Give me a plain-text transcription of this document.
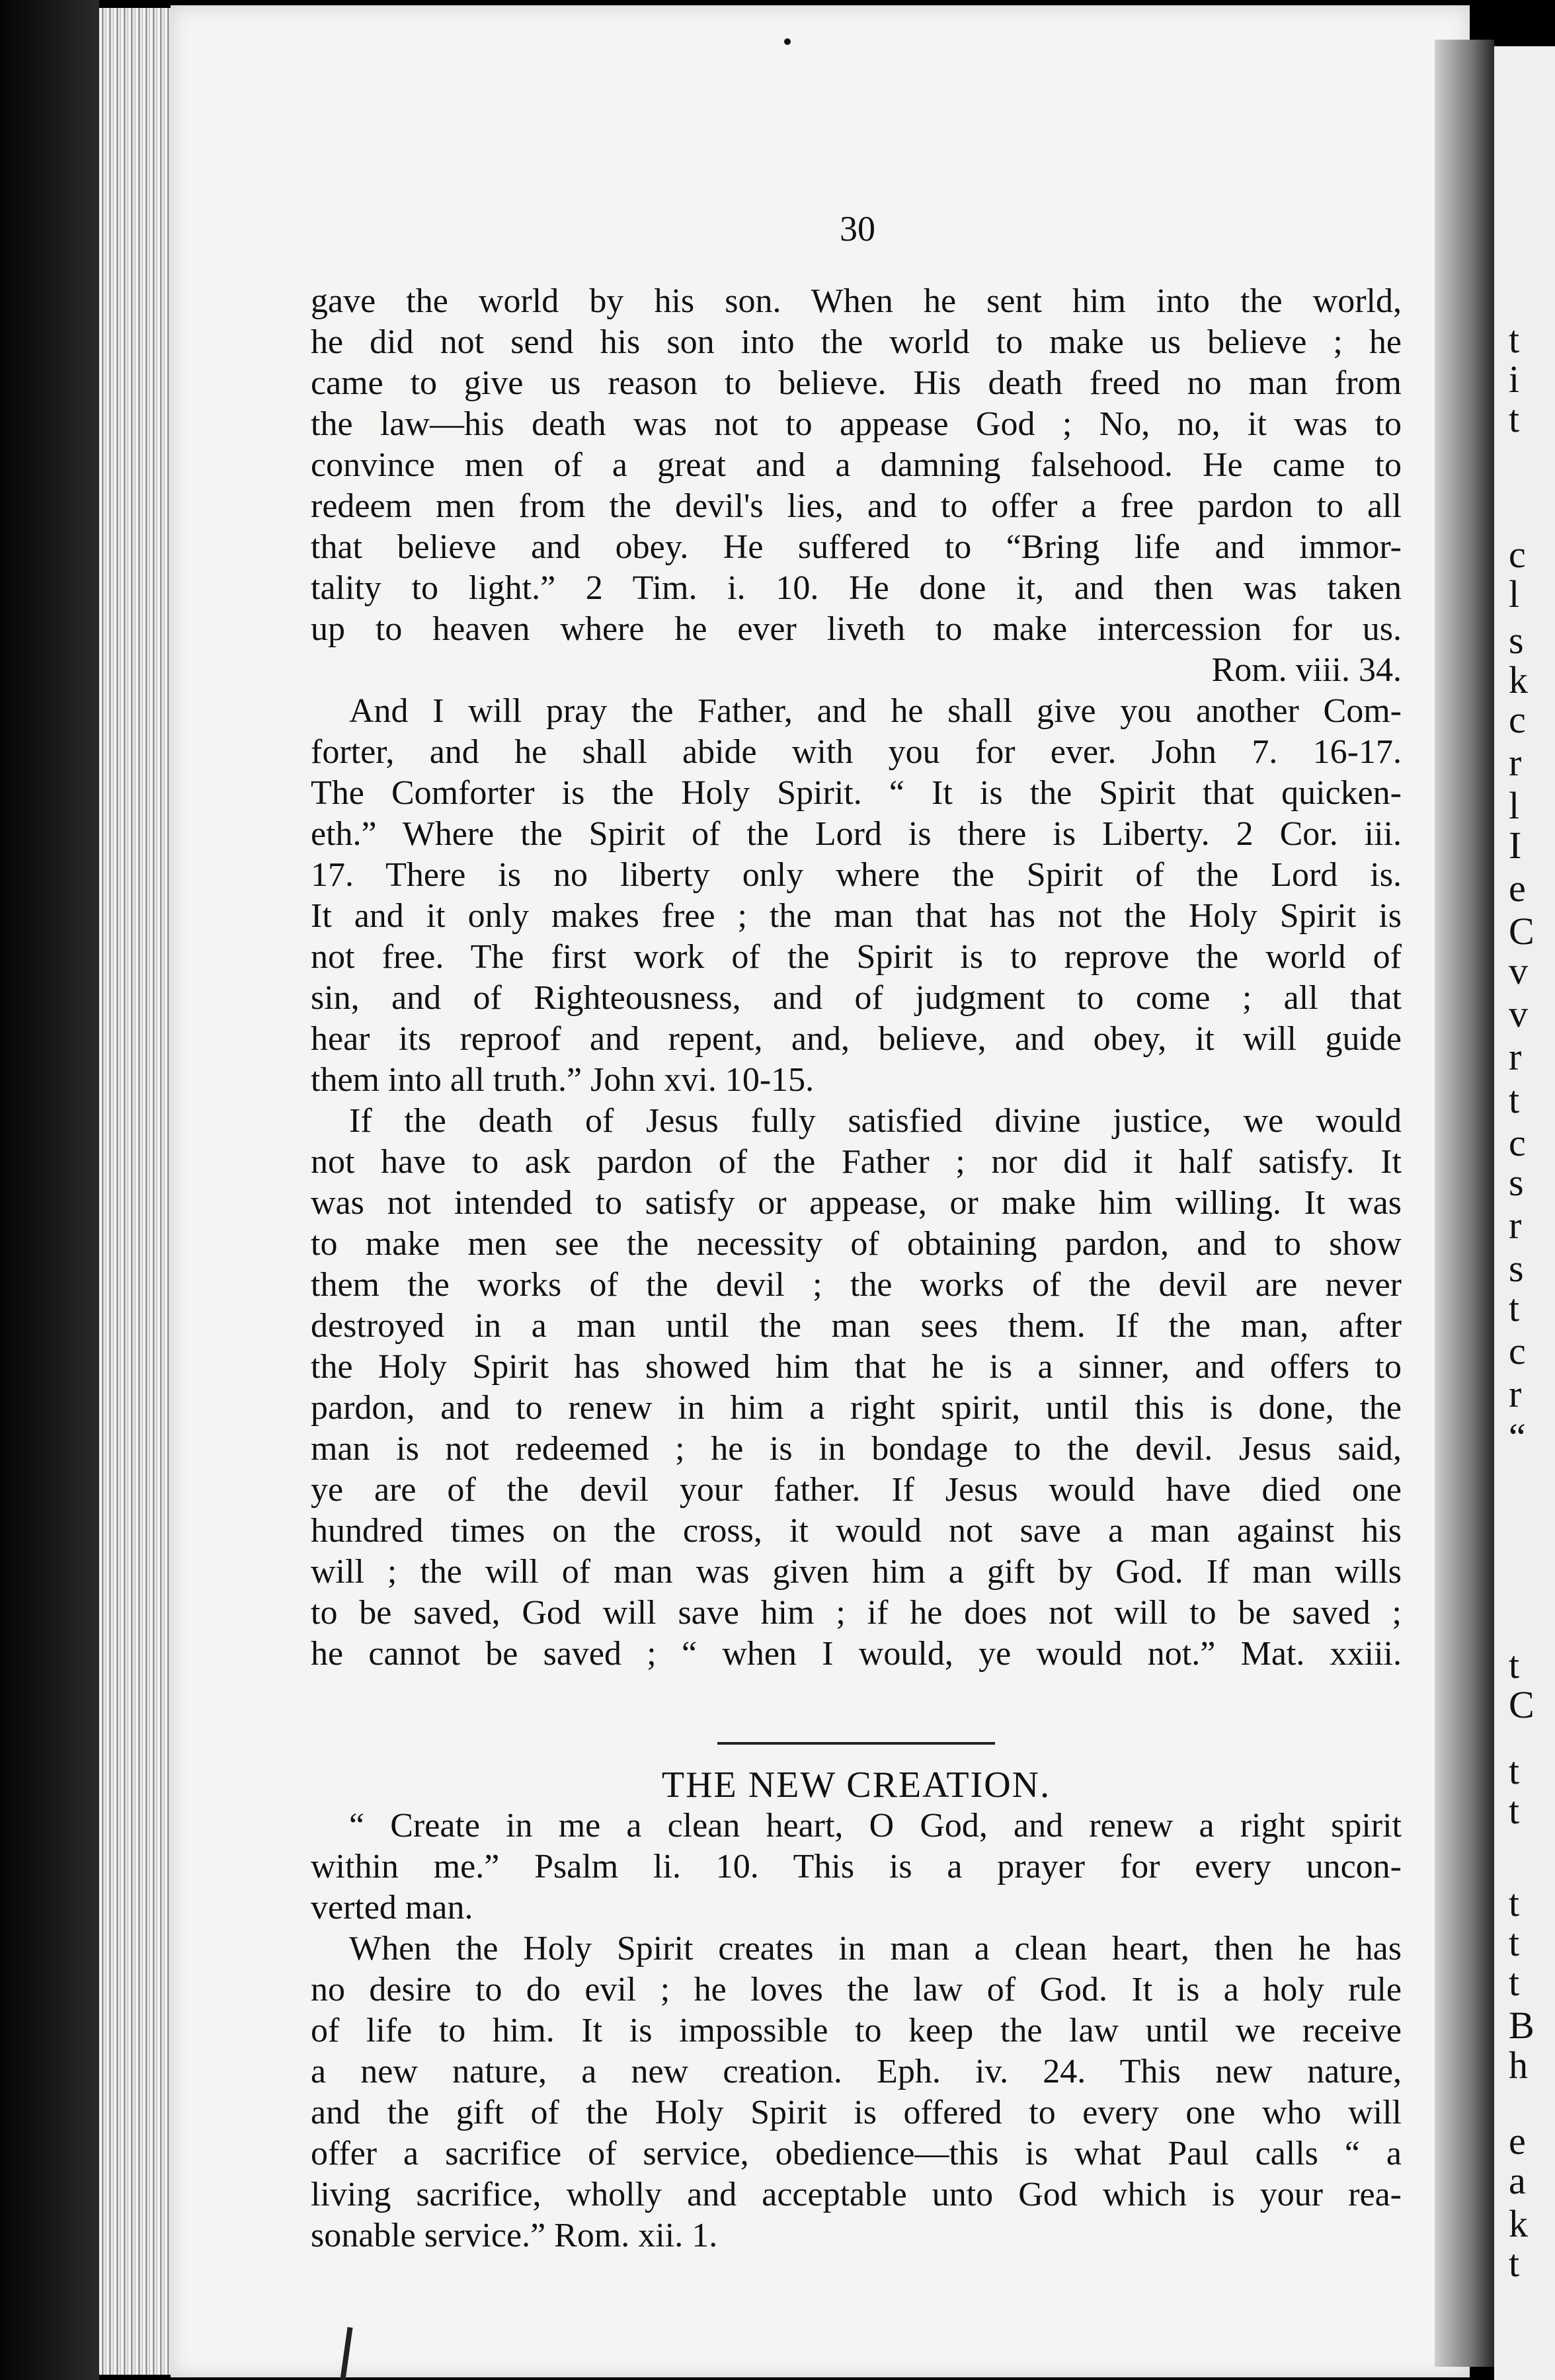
t
i
t
c
l
s
k
c
r
l
I
e
C
v
v
r
t
c
s
r
s
t
c
r
“
t
C
t
t
t
t
t
B
h
e
a
k
t
30
gave the world by his son. When he sent him into the world,
he did not send his son into the world to make us believe ; he
came to give us reason to believe. His death freed no man from
the law—his death was not to appease God ; No, no, it was to
convince men of a great and a damning falsehood. He came to
redeem men from the devil's lies, and to offer a free pardon to all
that believe and obey. He suffered to “Bring life and immor-
tality to light.” 2 Tim. i. 10. He done it, and then was taken
up to heaven where he ever liveth to make intercession for us.
Rom. viii. 34.
And I will pray the Father, and he shall give you another Com-
forter, and he shall abide with you for ever. John 7. 16-17.
The Comforter is the Holy Spirit. “ It is the Spirit that quicken-
eth.” Where the Spirit of the Lord is there is Liberty. 2 Cor. iii.
17. There is no liberty only where the Spirit of the Lord is.
It and it only makes free ; the man that has not the Holy Spirit is
not free. The first work of the Spirit is to reprove the world of
sin, and of Righteousness, and of judgment to come ; all that
hear its reproof and repent, and, believe, and obey, it will guide
them into all truth.” John xvi. 10-15.
If the death of Jesus fully satisfied divine justice, we would
not have to ask pardon of the Father ; nor did it half satisfy. It
was not intended to satisfy or appease, or make him willing. It was
to make men see the necessity of obtaining pardon, and to show
them the works of the devil ; the works of the devil are never
destroyed in a man until the man sees them. If the man, after
the Holy Spirit has showed him that he is a sinner, and offers to
pardon, and to renew in him a right spirit, until this is done, the
man is not redeemed ; he is in bondage to the devil. Jesus said,
ye are of the devil your father. If Jesus would have died one
hundred times on the cross, it would not save a man against his
will ; the will of man was given him a gift by God. If man wills
to be saved, God will save him ; if he does not will to be saved ;
he cannot be saved ; “ when I would, ye would not.” Mat. xxiii.
THE NEW CREATION.
“ Create in me a clean heart, O God, and renew a right spirit
within me.” Psalm li. 10. This is a prayer for every uncon-
verted man.
When the Holy Spirit creates in man a clean heart, then he has
no desire to do evil ; he loves the law of God. It is a holy rule
of life to him. It is impossible to keep the law until we receive
a new nature, a new creation. Eph. iv. 24. This new nature,
and the gift of the Holy Spirit is offered to every one who will
offer a sacrifice of service, obedience—this is what Paul calls “ a
living sacrifice, wholly and acceptable unto God which is your rea-
sonable service.” Rom. xii. 1.
